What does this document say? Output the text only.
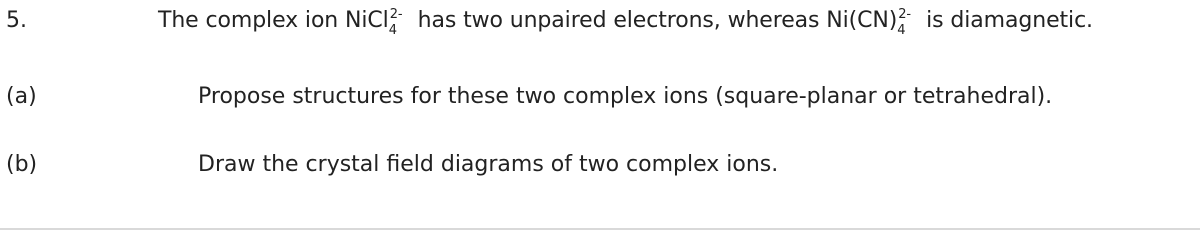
5.	The complex ion NiCl 2-
4 has two unpaired electrons, whereas Ni(CN) 2-
4 is diamagnetic.
(a)	Propose structures for these two complex ions (square-planar or tetrahedral).
(b)	Draw the crystal field diagrams of two complex ions.
